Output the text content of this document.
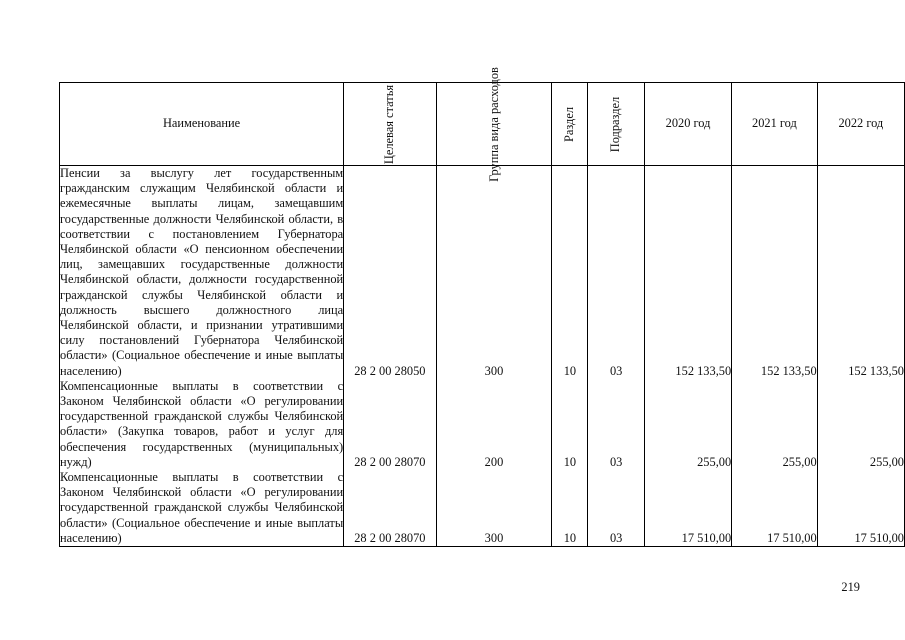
Наименование	Целевая статья	Группа вида расходов	Раздел	Подраздел	2020 год	2021 год	2022 год
Пенсии за выслугу лет государственным гражданским служащим Челябинской области и ежемесячные выплаты лицам, замещавшим государственные должности Челябинской области, в соответствии с постановлением Губернатора Челябинской области «О пенсионном обеспечении лиц, замещавших государственные должности Челябинской области, должности государственной гражданской службы Челябинской области и должность высшего должностного лица Челябинской области, и признании утратившими силу постановлений Губернатора Челябинской области» (Социальное обеспечение и иные выплаты населению)	28 2 00 28050	300	10	03	152 133,50	152 133,50	152 133,50
Компенсационные выплаты в соответствии с Законом Челябинской области «О регулировании государственной гражданской службы Челябинской области» (Закупка товаров, работ и услуг для обеспечения государственных (муниципальных) нужд)	28 2 00 28070	200	10	03	255,00	255,00	255,00
Компенсационные выплаты в соответствии с Законом Челябинской области «О регулировании государственной гражданской службы Челябинской области» (Социальное обеспечение и иные выплаты населению)	28 2 00 28070	300	10	03	17 510,00	17 510,00	17 510,00
219
